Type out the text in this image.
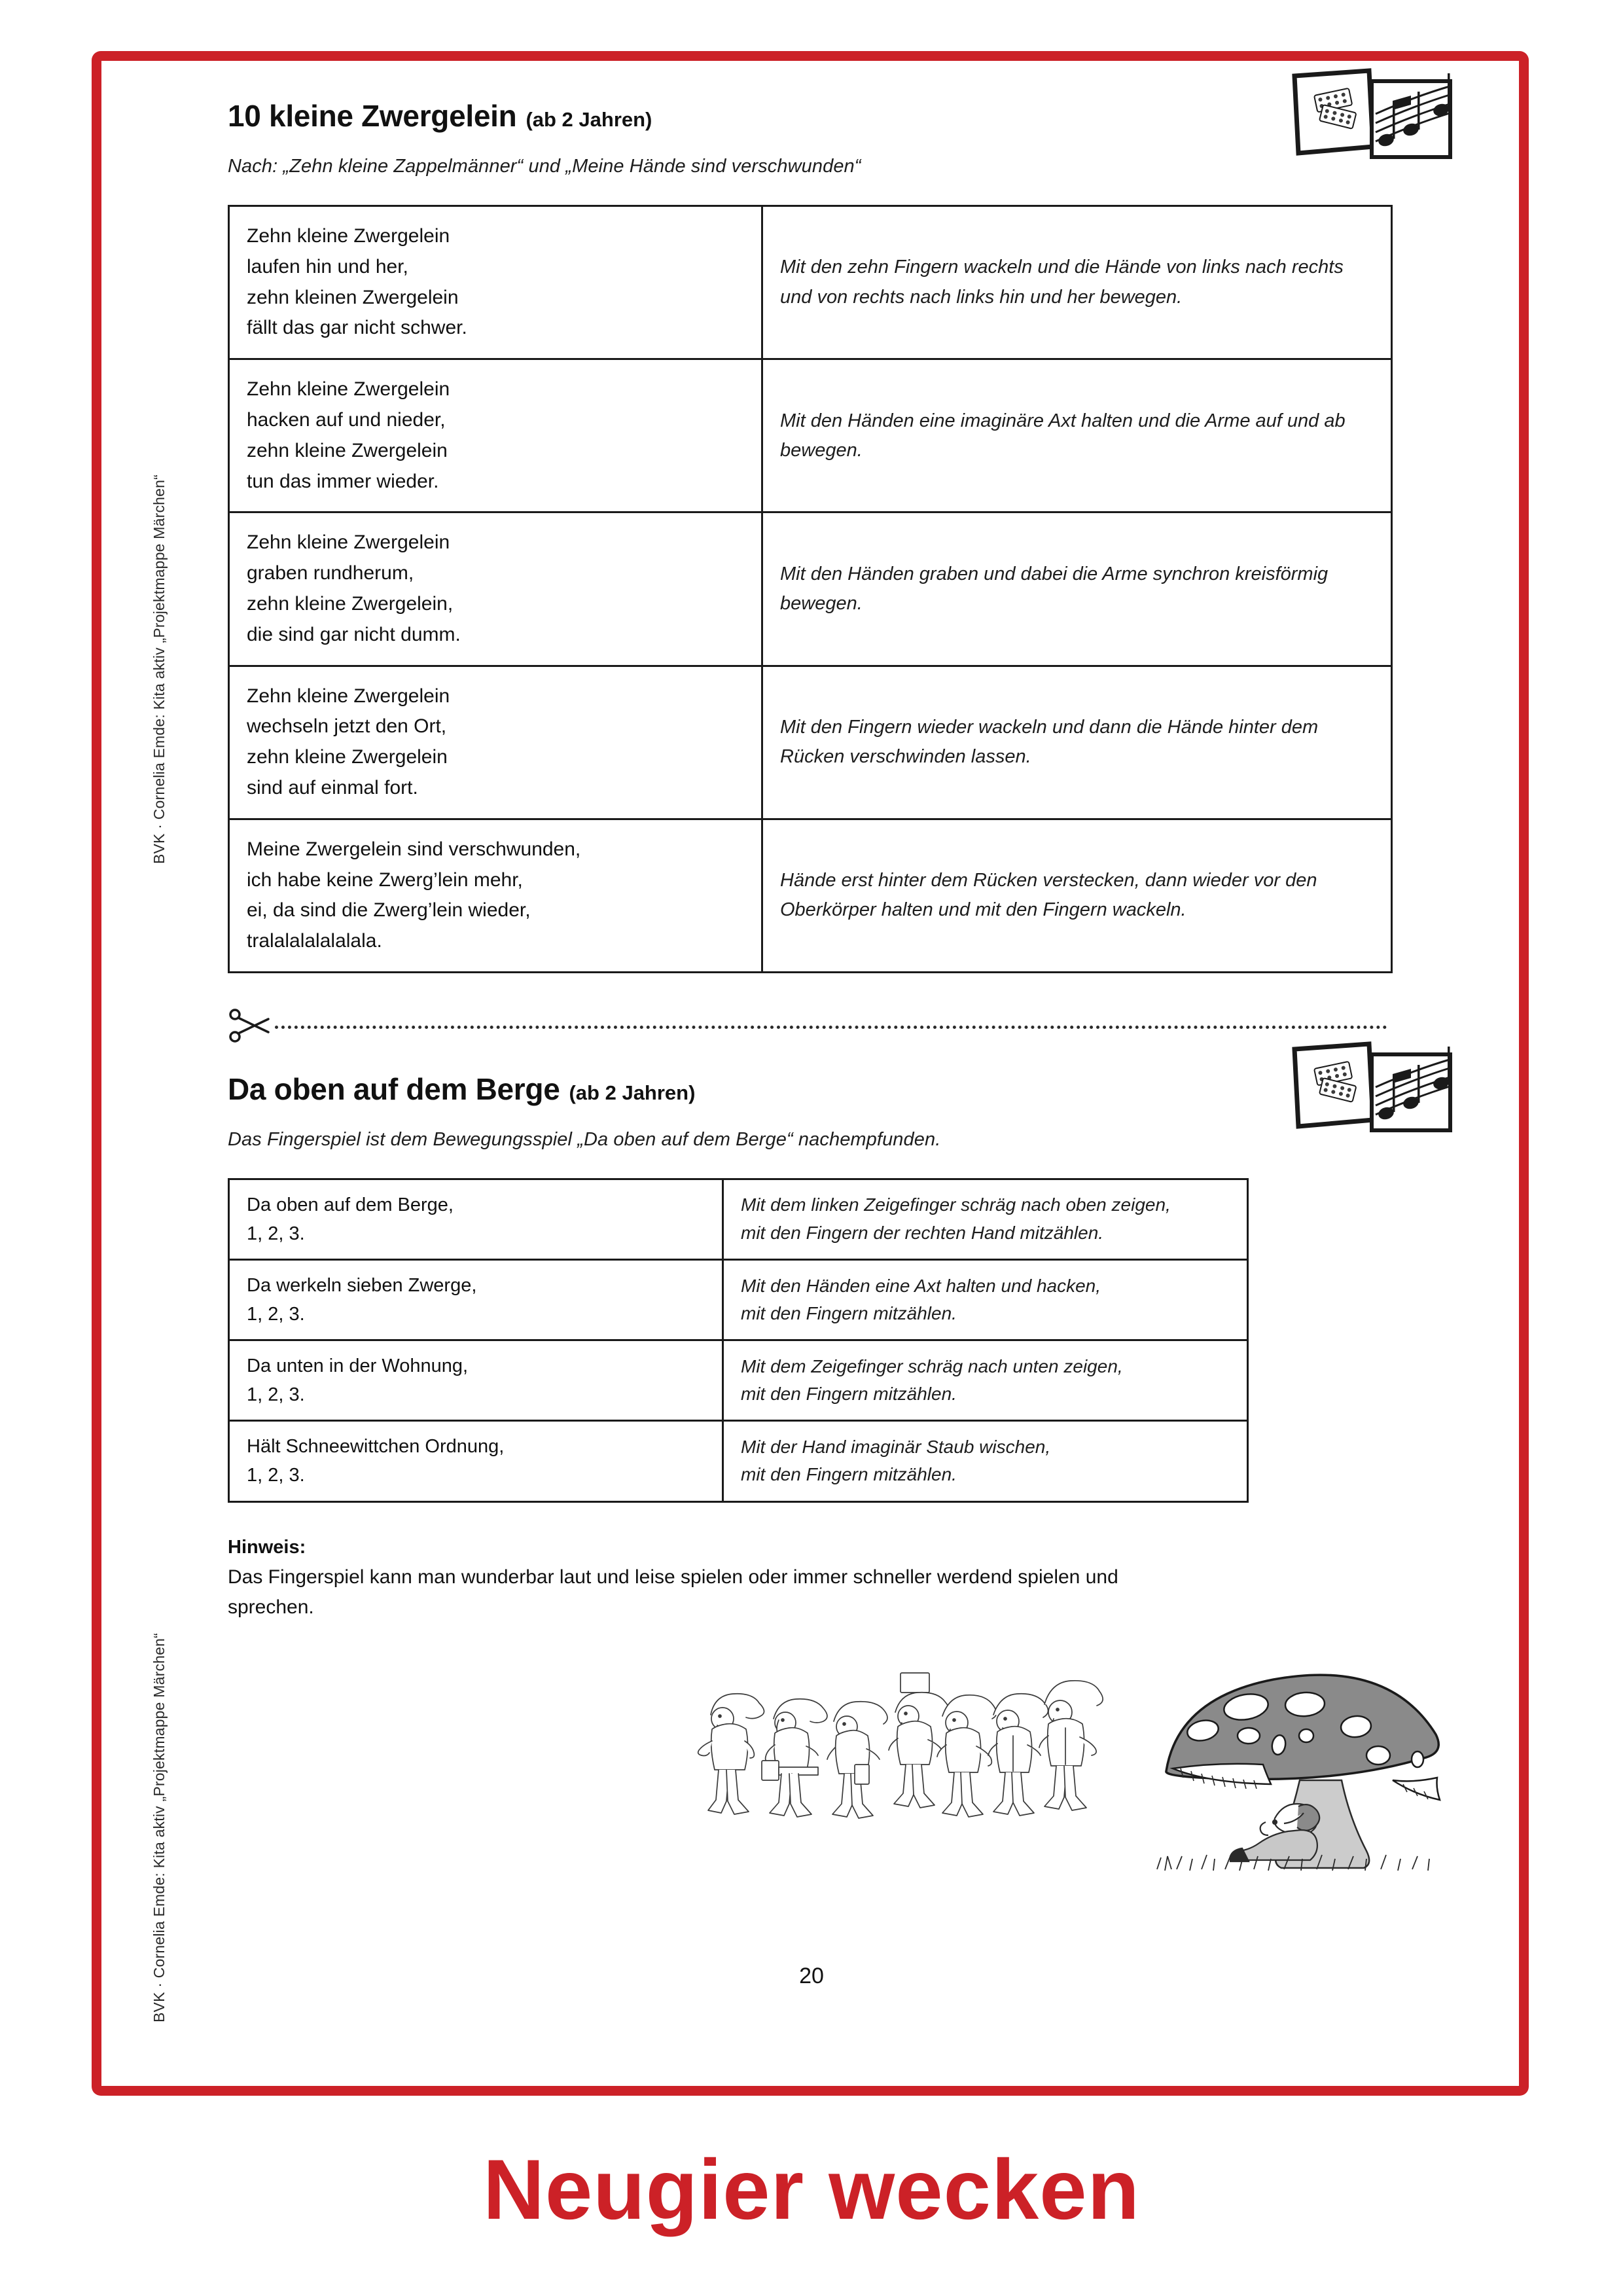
BVK · Cornelia Emde: Kita aktiv „Projektmappe Märchen“
BVK · Cornelia Emde: Kita aktiv „Projektmappe Märchen“
10 kleine Zwergelein (ab 2 Jahren)
Nach: „Zehn kleine Zappelmänner“ und „Meine Hände sind verschwunden“
Zehn kleine Zwergelein
laufen hin und her,
zehn kleinen Zwergelein
fällt das gar nicht schwer.	Mit den zehn Fingern wackeln und die Hände von links nach rechts und von rechts nach links hin und her bewegen.
Zehn kleine Zwergelein
hacken auf und nieder,
zehn kleine Zwergelein
tun das immer wieder.	Mit den Händen eine imaginäre Axt halten und die Arme auf und ab bewegen.
Zehn kleine Zwergelein
graben rundherum,
zehn kleine Zwergelein,
die sind gar nicht dumm.	Mit den Händen graben und dabei die Arme synchron kreisförmig bewegen.
Zehn kleine Zwergelein
wechseln jetzt den Ort,
zehn kleine Zwergelein
sind auf einmal fort.	Mit den Fingern wieder wackeln und dann die Hände hinter dem Rücken verschwinden lassen.
Meine Zwergelein sind verschwunden,
ich habe keine Zwerg’lein mehr,
ei, da sind die Zwerg’lein wieder,
tralalalalalalala.	Hände erst hinter dem Rücken verstecken, dann wieder vor den Oberkörper halten und mit den Fingern wackeln.
Da oben auf dem Berge (ab 2 Jahren)
Das Fingerspiel ist dem Bewegungsspiel „Da oben auf dem Berge“ nachempfunden.
Da oben auf dem Berge,
1, 2, 3.	Mit dem linken Zeigefinger schräg nach oben zeigen,
mit den Fingern der rechten Hand mitzählen.
Da werkeln sieben Zwerge,
1, 2, 3.	Mit den Händen eine Axt halten und hacken,
mit den Fingern mitzählen.
Da unten in der Wohnung,
1, 2, 3.	Mit dem Zeigefinger schräg nach unten zeigen,
mit den Fingern mitzählen.
Hält Schneewittchen Ordnung,
1, 2, 3.	Mit der Hand imaginär Staub wischen,
mit den Fingern mitzählen.
Hinweis:
Das Fingerspiel kann man wunderbar laut und leise spielen oder immer schneller werdend spielen und sprechen.
20
Neugier wecken
